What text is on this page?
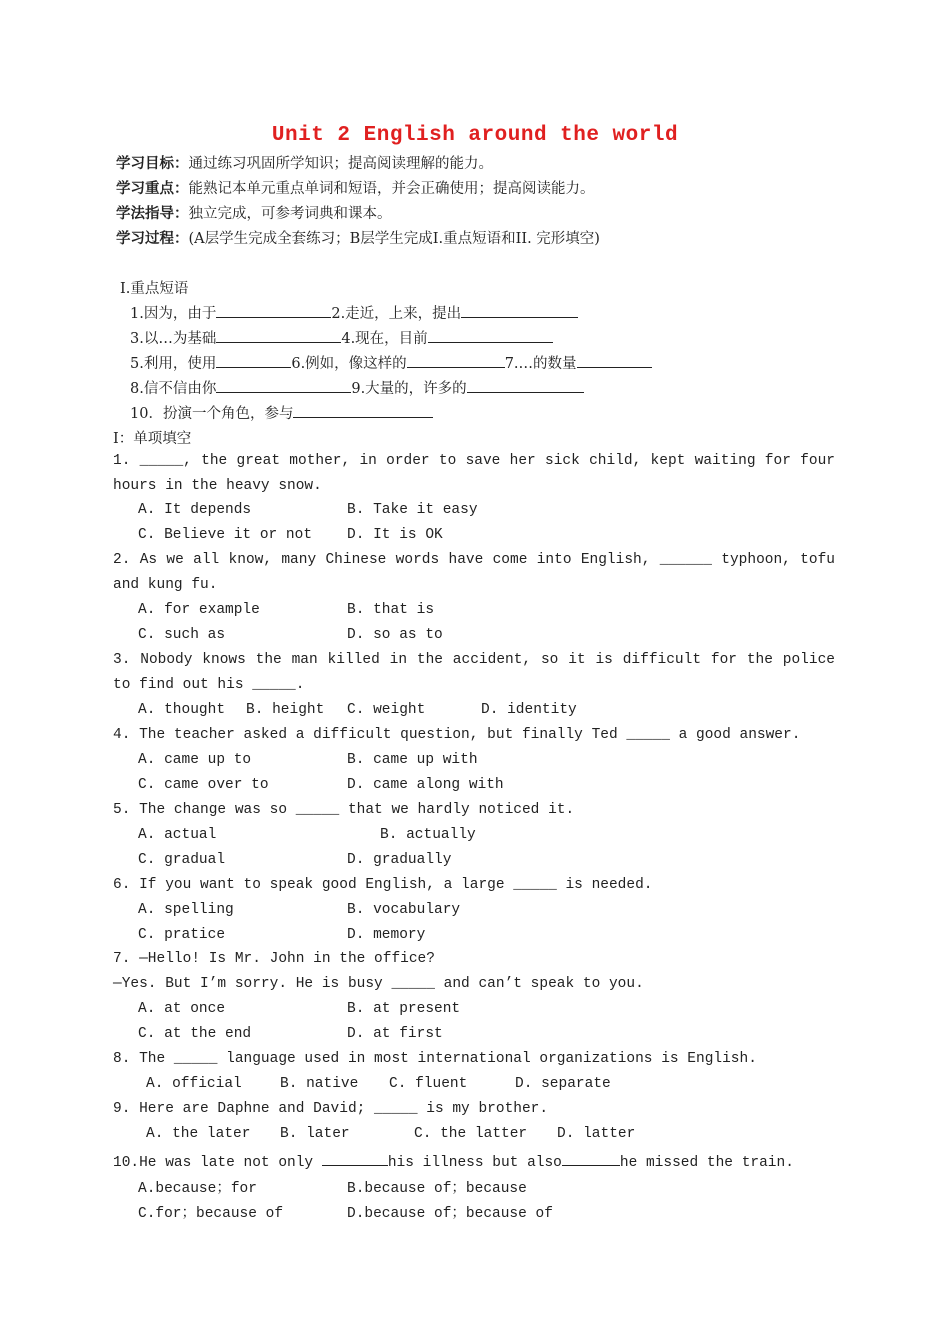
Unit 2 English around the world
学习目标：通过练习巩固所学知识；提高阅读理解的能力。
学习重点：能熟记本单元重点单词和短语，并会正确使用；提高阅读能力。
学法指导：独立完成，可参考词典和课本。
学习过程：(A层学生完成全套练习；B层学生完成I.重点短语和II. 完形填空)
I.重点短语
1.因为，由于	2.走近，上来，提出
3.以…为基础	4.现在，目前
5.利用，使用	6.例如，像这样的	7.…的数量
8.信不信由你	9.大量的，许多的
10．扮演一个角色，参与
I：单项填空
1. _____, the great mother, in order to save her sick child, kept waiting for four hours in the heavy snow.
A. It depends	B. Take it easy
C. Believe it or not D. It is OK
2. As we all know, many Chinese words have come into English, ______ typhoon, tofu and kung fu.
A. for example	B. that is
C. such as	D. so as to
3. Nobody knows the man killed in the accident, so it is difficult for the police to find out his _____.
A. thought B. height C. weight	D. identity
4. The teacher asked a difficult question, but finally Ted _____ a good answer.
A. came up to	B. came up with
C. came over to	D. came along with
5. The change was so _____ that we hardly noticed it.
A. actual	B. actually
C. gradual	D. gradually
6. If you want to speak good English, a large _____ is needed.
A. spelling	B. vocabulary
C. pratice	D. memory
7. —Hello! Is Mr. John in the office?
—Yes. But I’m sorry. He is busy _____ and can’t speak to you.
A. at once	B. at present
C. at the end	D. at first
8. The _____ language used in most international organizations is English.
A. official	B. native C. fluent	D. separate
9. Here are Daphne and David; _____ is my brother.
A. the later B. later	C. the latter D. latter
10.He was late not only	his illness but also	he missed the train.
A.because；for	B.because of；because
C.for；because of	D.because of；because of
